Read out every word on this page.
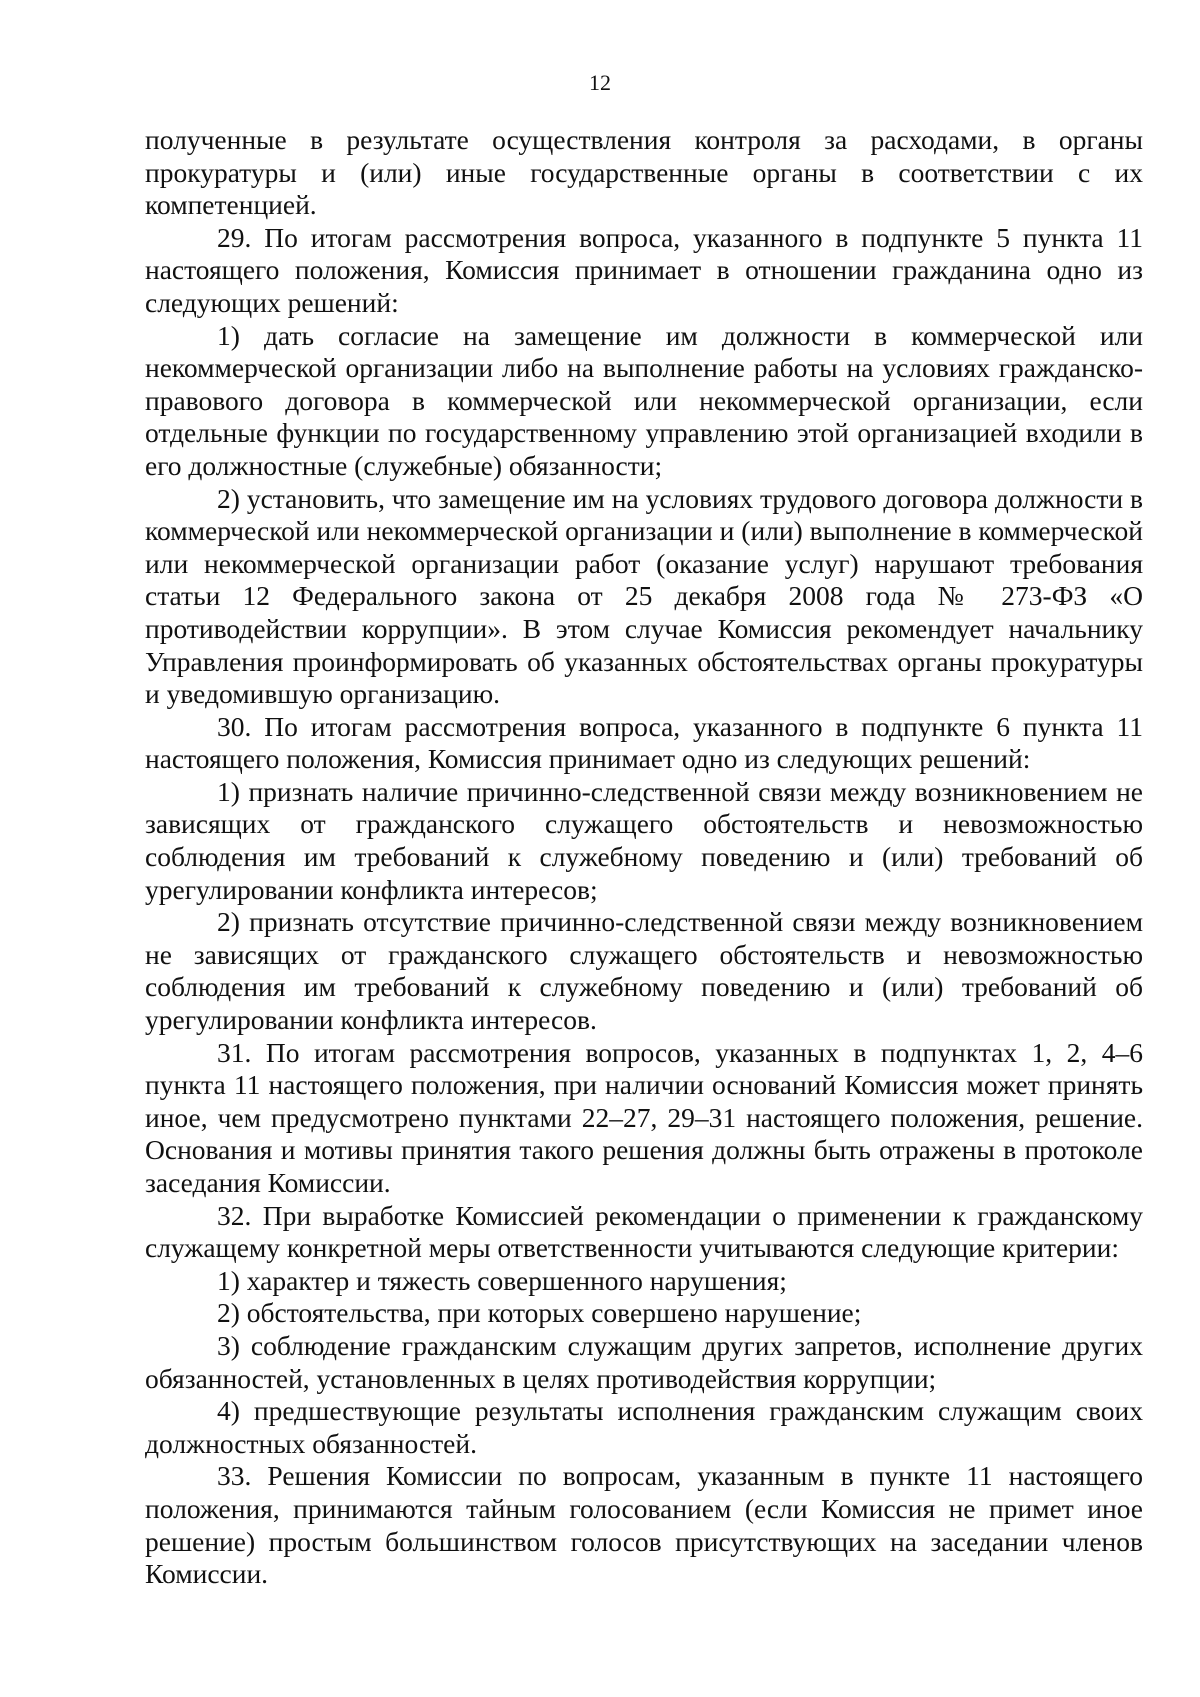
12

полученные в результате осуществления контроля за расходами, в органы прокуратуры и (или) иные государственные органы в соответствии с их компетенцией.

29. По итогам рассмотрения вопроса, указанного в подпункте 5 пункта 11 настоящего положения, Комиссия принимает в отношении гражданина одно из следующих решений:

1) дать согласие на замещение им должности в коммерческой или некоммерческой организации либо на выполнение работы на условиях гражданско-правового договора в коммерческой или некоммерческой организации, если отдельные функции по государственному управлению этой организацией входили в его должностные (служебные) обязанности;

2) установить, что замещение им на условиях трудового договора должности в коммерческой или некоммерческой организации и (или) выполнение в коммерческой или некоммерческой организации работ (оказание услуг) нарушают требования статьи 12 Федерального закона от 25 декабря 2008 года № 273-ФЗ «О противодействии коррупции». В этом случае Комиссия рекомендует начальнику Управления проинформировать об указанных обстоятельствах органы прокуратуры и уведомившую организацию.

30. По итогам рассмотрения вопроса, указанного в подпункте 6 пункта 11 настоящего положения, Комиссия принимает одно из следующих решений:

1) признать наличие причинно-следственной связи между возникновением не зависящих от гражданского служащего обстоятельств и невозможностью соблюдения им требований к служебному поведению и (или) требований об урегулировании конфликта интересов;

2) признать отсутствие причинно-следственной связи между возникновением не зависящих от гражданского служащего обстоятельств и невозможностью соблюдения им требований к служебному поведению и (или) требований об урегулировании конфликта интересов.

31. По итогам рассмотрения вопросов, указанных в подпунктах 1, 2, 4–6 пункта 11 настоящего положения, при наличии оснований Комиссия может принять иное, чем предусмотрено пунктами 22–27, 29–31 настоящего положения, решение. Основания и мотивы принятия такого решения должны быть отражены в протоколе заседания Комиссии.

32. При выработке Комиссией рекомендации о применении к гражданскому служащему конкретной меры ответственности учитываются следующие критерии:

1) характер и тяжесть совершенного нарушения;

2) обстоятельства, при которых совершено нарушение;

3) соблюдение гражданским служащим других запретов, исполнение других обязанностей, установленных в целях противодействия коррупции;

4) предшествующие результаты исполнения гражданским служащим своих должностных обязанностей.

33. Решения Комиссии по вопросам, указанным в пункте 11 настоящего положения, принимаются тайным голосованием (если Комиссия не примет иное решение) простым большинством голосов присутствующих на заседании членов Комиссии.
